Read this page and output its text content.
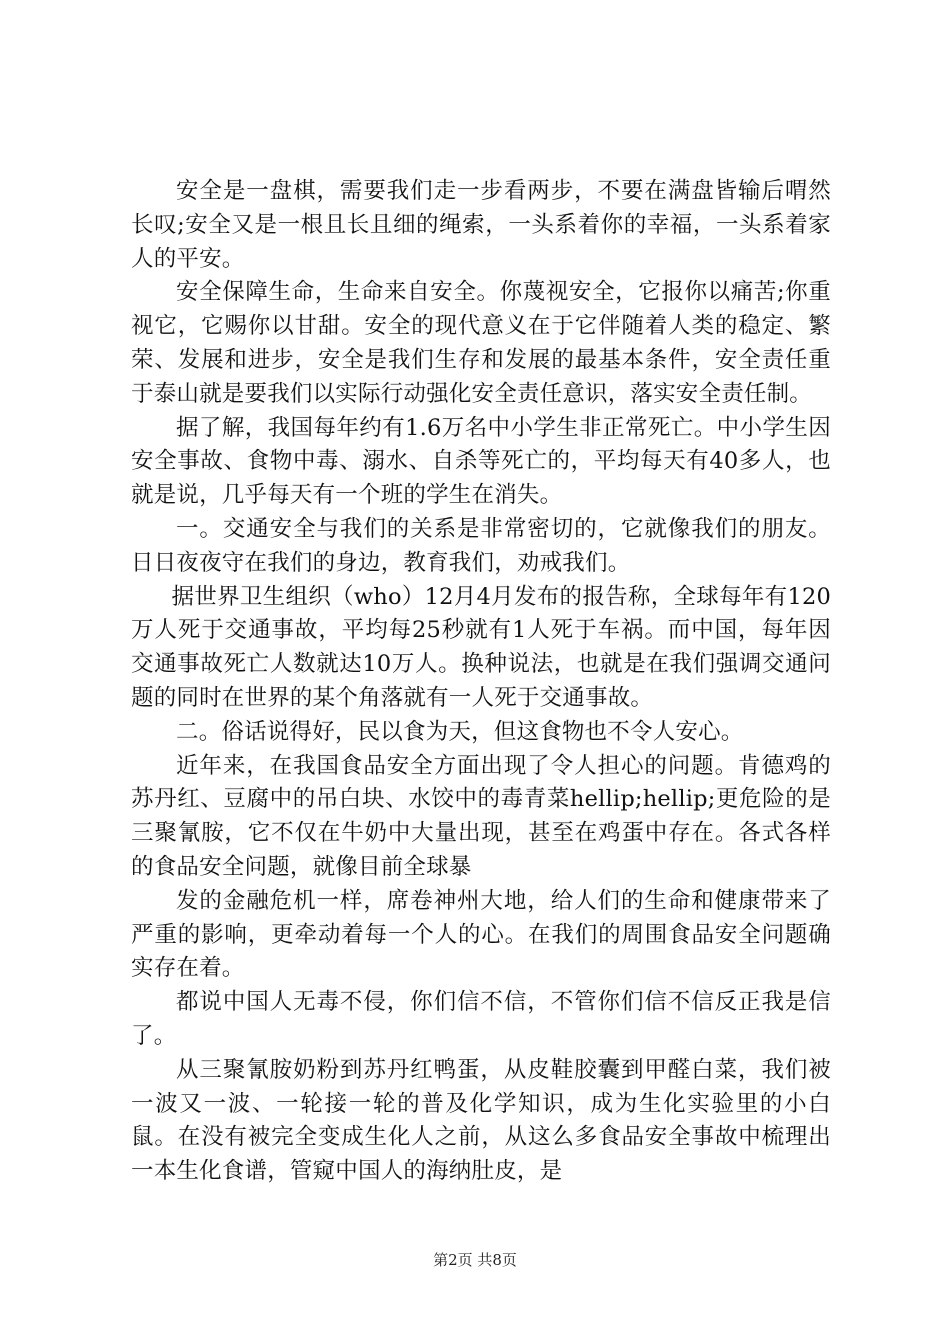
安全是一盘棋，需要我们走一步看两步，不要在满盘皆输后喟然长叹;安全又是一根且长且细的绳索，一头系着你的幸福，一头系着家人的平安。

安全保障生命，生命来自安全。你蔑视安全，它报你以痛苦;你重视它，它赐你以甘甜。安全的现代意义在于它伴随着人类的稳定、繁荣、发展和进步，安全是我们生存和发展的最基本条件，安全责任重于泰山就是要我们以实际行动强化安全责任意识，落实安全责任制。

据了解，我国每年约有1.6万名中小学生非正常死亡。中小学生因安全事故、食物中毒、溺水、自杀等死亡的，平均每天有40多人，也就是说，几乎每天有一个班的学生在消失。

一。交通安全与我们的关系是非常密切的，它就像我们的朋友。日日夜夜守在我们的身边，教育我们，劝戒我们。

据世界卫生组织（who）12月4月发布的报告称，全球每年有120万人死于交通事故，平均每25秒就有1人死于车祸。而中国，每年因交通事故死亡人数就达10万人。换种说法，也就是在我们强调交通问题的同时在世界的某个角落就有一人死于交通事故。

二。俗话说得好，民以食为天，但这食物也不令人安心。

近年来，在我国食品安全方面出现了令人担心的问题。肯德鸡的苏丹红、豆腐中的吊白块、水饺中的毒青菜hellip;hellip;更危险的是三聚氰胺，它不仅在牛奶中大量出现，甚至在鸡蛋中存在。各式各样的食品安全问题，就像目前全球暴

发的金融危机一样，席卷神州大地，给人们的生命和健康带来了严重的影响，更牵动着每一个人的心。在我们的周围食品安全问题确实存在着。

都说中国人无毒不侵，你们信不信，不管你们信不信反正我是信了。

从三聚氰胺奶粉到苏丹红鸭蛋，从皮鞋胶囊到甲醛白菜，我们被一波又一波、一轮接一轮的普及化学知识，成为生化实验里的小白鼠。在没有被完全变成生化人之前，从这么多食品安全事故中梳理出一本生化食谱，管窥中国人的海纳肚皮，是

第2页 共8页
